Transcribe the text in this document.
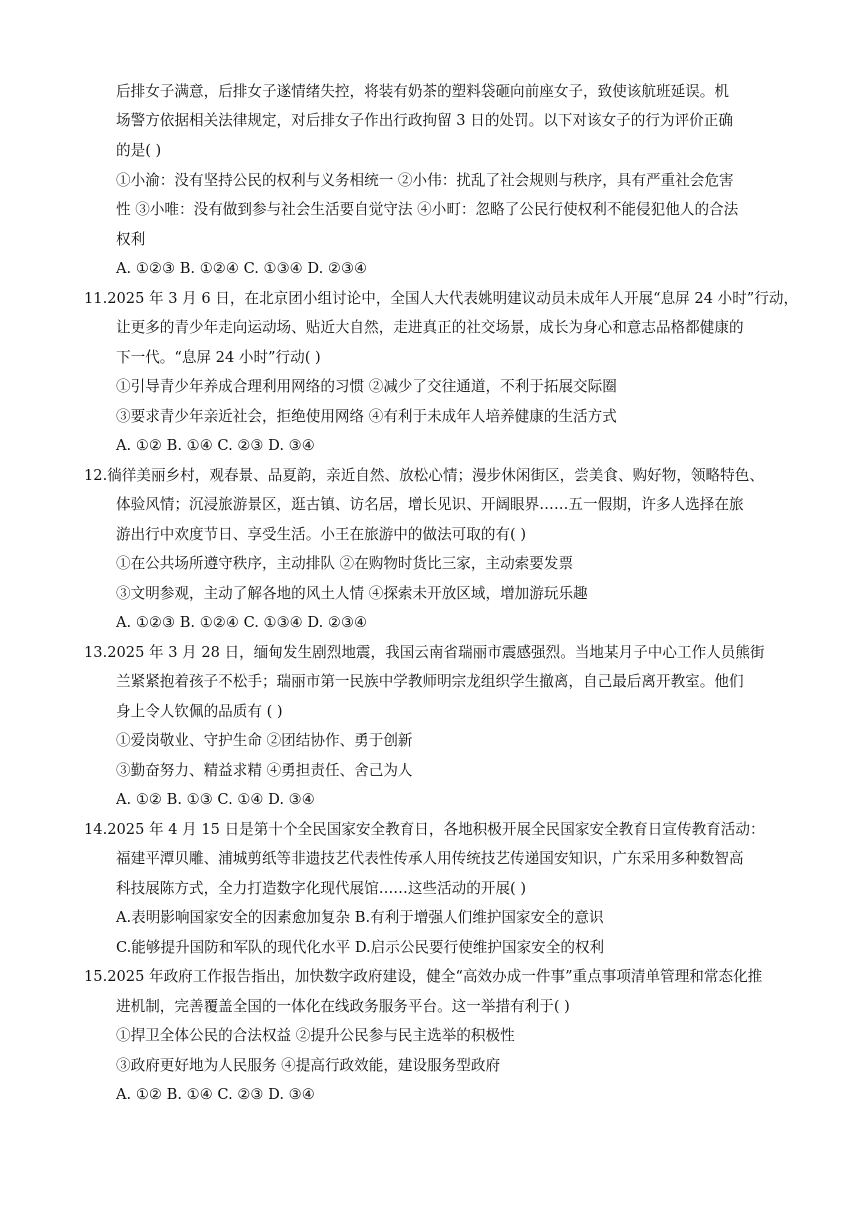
后排女子满意，后排女子遂情绪失控，将装有奶茶的塑料袋砸向前座女子，致使该航班延误。机
场警方依据相关法律规定，对后排女子作出行政拘留 3 日的处罚。以下对该女子的行为评价正确
的是( )
①小渝：没有坚持公民的权利与义务相统一 ②小伟：扰乱了社会规则与秩序，具有严重社会危害
性 ③小唯：没有做到参与社会生活要自觉守法 ④小町：忽略了公民行使权利不能侵犯他人的合法
权利
A. ①②③ B. ①②④ C. ①③④ D. ②③④
11.2025 年 3 月 6 日，在北京团小组讨论中，全国人大代表姚明建议动员未成年人开展“息屏 24 小时”行动，
让更多的青少年走向运动场、贴近大自然，走进真正的社交场景，成长为身心和意志品格都健康的
下一代。“息屏 24 小时”行动( )
①引导青少年养成合理利用网络的习惯 ②减少了交往通道，不利于拓展交际圈
③要求青少年亲近社会，拒绝使用网络 ④有利于未成年人培养健康的生活方式
A. ①② B. ①④ C. ②③ D. ③④
12.徜徉美丽乡村，观春景、品夏韵，亲近自然、放松心情；漫步休闲街区，尝美食、购好物，领略特色、
体验风情；沉浸旅游景区，逛古镇、访名居，增长见识、开阔眼界……五一假期，许多人选择在旅
游出行中欢度节日、享受生活。小王在旅游中的做法可取的有( )
①在公共场所遵守秩序，主动排队 ②在购物时货比三家，主动索要发票
③文明参观，主动了解各地的风土人情 ④探索未开放区域，增加游玩乐趣
A. ①②③ B. ①②④ C. ①③④ D. ②③④
13.2025 年 3 月 28 日，缅甸发生剧烈地震，我国云南省瑞丽市震感强烈。当地某月子中心工作人员熊街
兰紧紧抱着孩子不松手；瑞丽市第一民族中学教师明宗龙组织学生撤离，自己最后离开教室。他们
身上令人钦佩的品质有 ( )
①爱岗敬业、守护生命 ②团结协作、勇于创新
③勤奋努力、精益求精 ④勇担责任、舍己为人
A. ①② B. ①③ C. ①④ D. ③④
14.2025 年 4 月 15 日是第十个全民国家安全教育日，各地积极开展全民国家安全教育日宣传教育活动：
福建平潭贝雕、浦城剪纸等非遗技艺代表性传承人用传统技艺传递国安知识，广东采用多种数智高
科技展陈方式，全力打造数字化现代展馆……这些活动的开展( )
A.表明影响国家安全的因素愈加复杂 B.有利于增强人们维护国家安全的意识
C.能够提升国防和军队的现代化水平 D.启示公民要行使维护国家安全的权利
15.2025 年政府工作报告指出，加快数字政府建设，健全“高效办成一件事”重点事项清单管理和常态化推
进机制，完善覆盖全国的一体化在线政务服务平台。这一举措有利于( )
①捍卫全体公民的合法权益 ②提升公民参与民主选举的积极性
③政府更好地为人民服务 ④提高行政效能，建设服务型政府
A. ①② B. ①④ C. ②③ D. ③④
